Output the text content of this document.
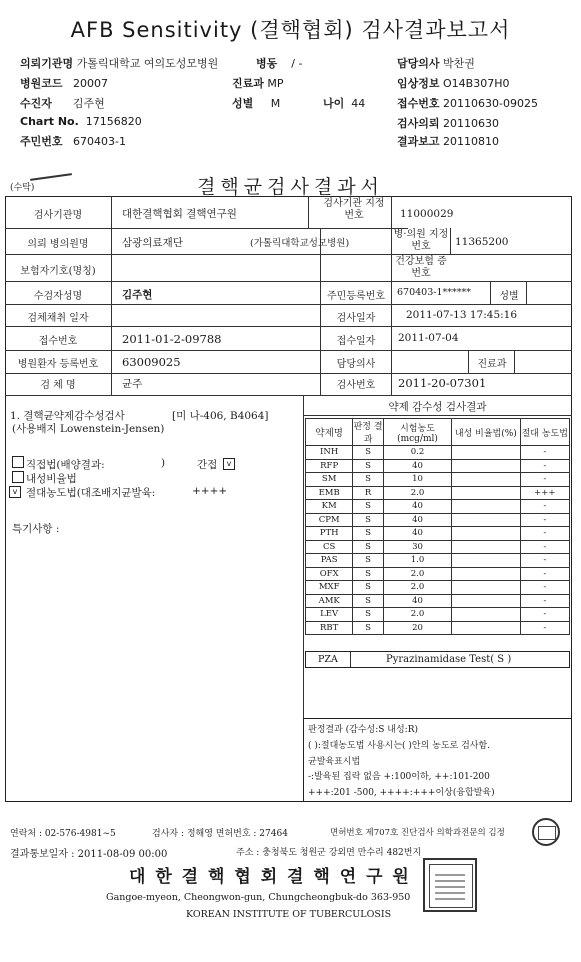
AFB Sensitivity (결핵협회) 검사결과보고서
의뢰기관명 가톨릭대학교 여의도성모병원
병원코드 20007
수진자 김주현
Chart No. 17156820
주민번호 670403-1
병동 / -
진료과 MP
성별 M	나이 44
담당의사 박찬권
임상정보 O14B307H0
접수번호 20110630-09025
검사의뢰 20110630
결과보고 20110810
(수탁)	결핵균검사결과서
검사기관명	대한결핵협회 결핵연구원
검사기관 지정번호	11000029
의뢰 병의원명	삼광의료재단	(가톨릭대학교성모병원)
병·의원 지정번호	11365200
보험자기호(명칭)
건강보험 증번호
수검자성명	김주현	주민등록번호	670403-1******	성별
검체채취 일자	검사일자	2011-07-13 17:45:16
접수번호	2011-01-2-09788	접수일자	2011-07-04
병원환자 등록번호	63009025	담당의사	진료과
검 체 명	균주	검사번호	2011-20-07301
1. 결핵균약제감수성검사	[미 나-406, B4064]
(사용배지 Lowenstein-Jensen)
직접법(배양결과:	)	간접	v
내성비율법
v 절대농도법(대조배지균발육:	++++
특기사항 :
약제 감수성 검사결과
약제명	판정 결과	시험농도 (mcg/ml)	내성 비율법(%)	절대 농도법
INH	S	0.2		-
RFP	S	40		-
SM	S	10		-
EMB	R	2.0		+++
KM	S	40		-
CPM	S	40		-
PTH	S	40		-
CS	S	30		-
PAS	S	1.0		-
OFX	S	2.0		-
MXF	S	2.0		-
AMK	S	40		-
LEV	S	2.0		-
RBT	S	20		-
PZA	Pyrazinamidase Test( S )
판정결과 (감수성:S 내성:R)
( ):절대농도법 사용시는( )안의 농도로 검사함.
균발육표시법
-:발육된 집락 없음 +:100이하, ++:101-200
+++:201 -500, ++++:+++이상(융합발육)
연락처 : 02-576-4981~5	검사자 : 정해영 면허번호 : 27464	면허번호 제707호 진단검사 의학과전문의 김정
결과통보일자 : 2011-08-09 00:00	주소 : 충청북도 청원군 강외면 만수리 482번지
대 한 결 핵 협 회 결 핵 연 구 원
Gangoe-myeon, Cheongwon-gun, Chungcheongbuk-do 363-950
KOREAN INSTITUTE OF TUBERCULOSIS
